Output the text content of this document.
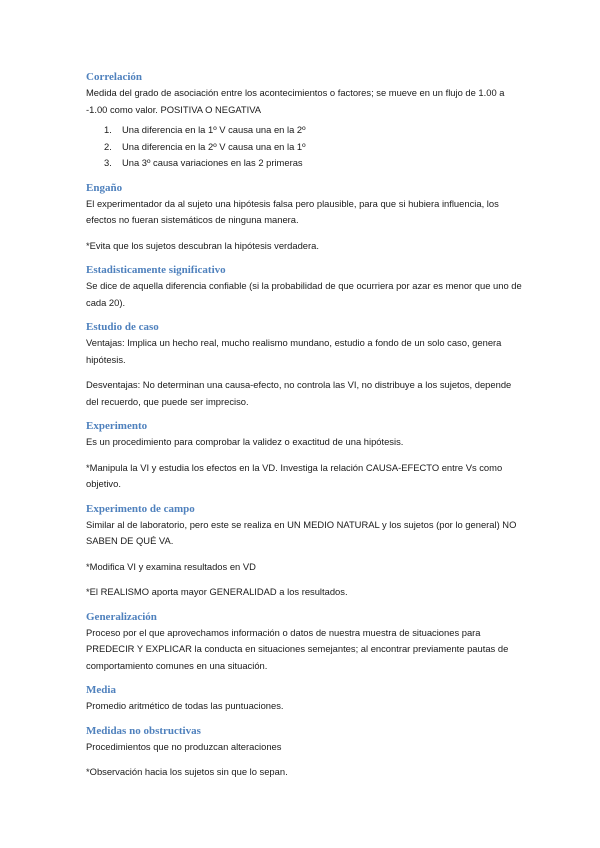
Correlación

Medida del grado de asociación entre los acontecimientos o factores; se mueve en un flujo de 1.00 a -1.00 como valor. POSITIVA O NEGATIVA

1. Una diferencia en la 1º V causa una en la 2º
2. Una diferencia en la 2º V causa una en la 1º
3. Una 3º causa variaciones en las 2 primeras
Engaño

El experimentador da al sujeto una hipótesis falsa pero plausible, para que si hubiera influencia, los efectos no fueran sistemáticos de ninguna manera.

*Evita que los sujetos descubran la hipótesis verdadera.

Estadisticamente significativo

Se dice de aquella diferencia confiable (si la probabilidad de que ocurriera por azar es menor que uno de cada 20).

Estudio de caso

Ventajas: Implica un hecho real, mucho realismo mundano, estudio a fondo de un solo caso, genera hipótesis.

Desventajas: No determinan una causa-efecto, no controla las VI, no distribuye a los sujetos, depende del recuerdo, que puede ser impreciso.

Experimento

Es un procedimiento para comprobar la validez o exactitud de una hipótesis.

*Manipula la VI y estudia los efectos en la VD. Investiga la relación CAUSA-EFECTO entre Vs como objetivo.

Experimento de campo

Similar al de laboratorio, pero este se realiza en UN MEDIO NATURAL y los sujetos (por lo general) NO SABEN DE QUÉ VA.

*Modifica VI y examina resultados en VD

*El REALISMO aporta mayor GENERALIDAD a los resultados.

Generalización

Proceso por el que aprovechamos información o datos de nuestra muestra de situaciones para PREDECIR Y EXPLICAR la conducta en situaciones semejantes; al encontrar previamente pautas de comportamiento comunes en una situación.

Media

Promedio aritmético de todas las puntuaciones.

Medidas no obstructivas

Procedimientos que no produzcan alteraciones

*Observación hacia los sujetos sin que lo sepan.
